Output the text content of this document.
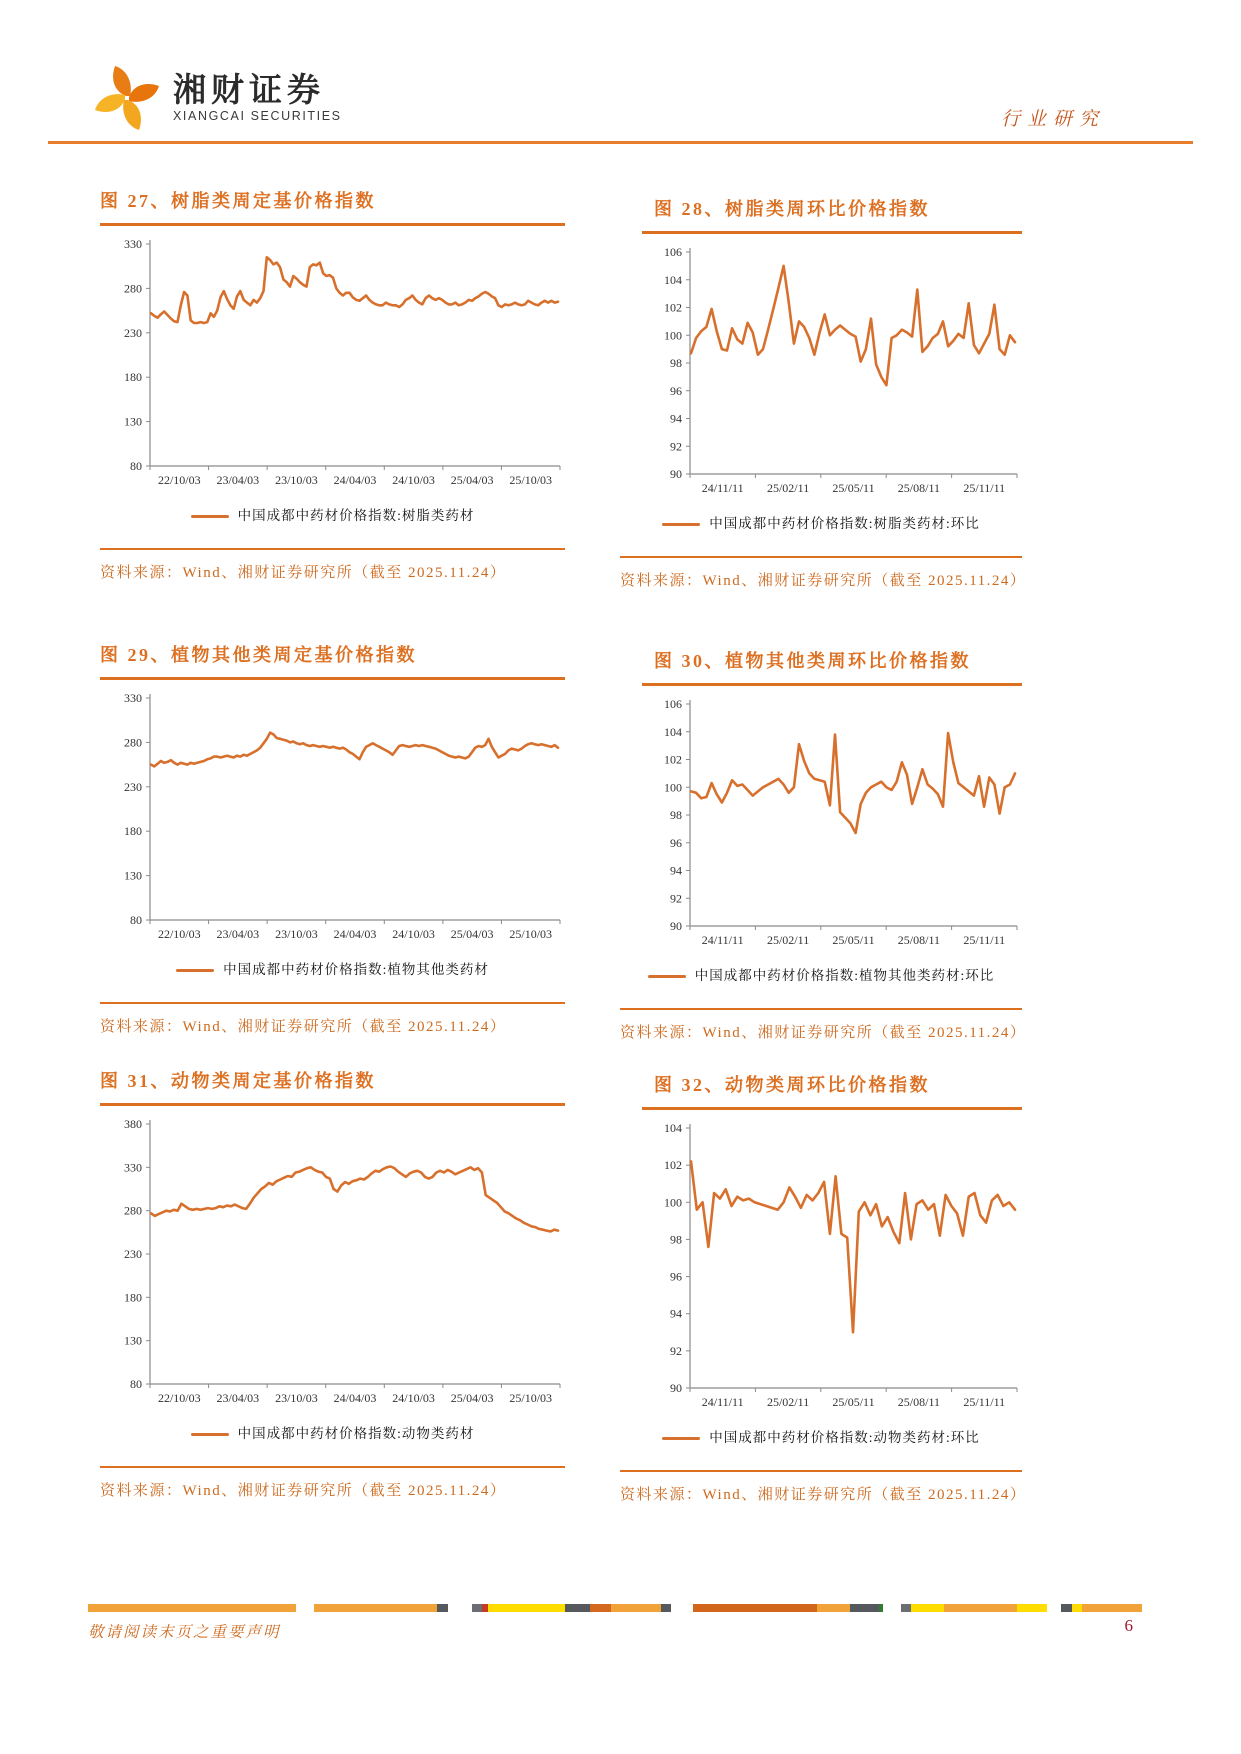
湘财证券
XIANGCAI SECURITIES	行业研究
图 27、树脂类周定基价格指数
330
280
230
180
130
80
22/10/03 23/04/03 23/10/03 24/04/03 24/10/03 25/04/03 25/10/03
中国成都中药材价格指数:树脂类药材
资料来源：Wind、湘财证券研究所（截至 2025.11.24）
图 28、树脂类周环比价格指数
106
104
102
100
98
96
94
92
90
24/11/11 25/02/11 25/05/11 25/08/11 25/11/11
中国成都中药材价格指数:树脂类药材:环比
资料来源：Wind、湘财证券研究所（截至 2025.11.24）
图 29、植物其他类周定基价格指数
330
280
230
180
130
80
22/10/03 23/04/03 23/10/03 24/04/03 24/10/03 25/04/03 25/10/03
中国成都中药材价格指数:植物其他类药材
资料来源：Wind、湘财证券研究所（截至 2025.11.24）
图 30、植物其他类周环比价格指数
106
104
102
100
98
96
94
92
90
24/11/11 25/02/11 25/05/11 25/08/11 25/11/11
中国成都中药材价格指数:植物其他类药材:环比
资料来源：Wind、湘财证券研究所（截至 2025.11.24）
图 31、动物类周定基价格指数
380
330
280
230
180
130
80
22/10/03 23/04/03 23/10/03 24/04/03 24/10/03 25/04/03 25/10/03
中国成都中药材价格指数:动物类药材
资料来源：Wind、湘财证券研究所（截至 2025.11.24）
图 32、动物类周环比价格指数
104
102
100
98
96
94
92
90
24/11/11 25/02/11 25/05/11 25/08/11 25/11/11
中国成都中药材价格指数:动物类药材:环比
资料来源：Wind、湘财证券研究所（截至 2025.11.24）
敬请阅读末页之重要声明	6
